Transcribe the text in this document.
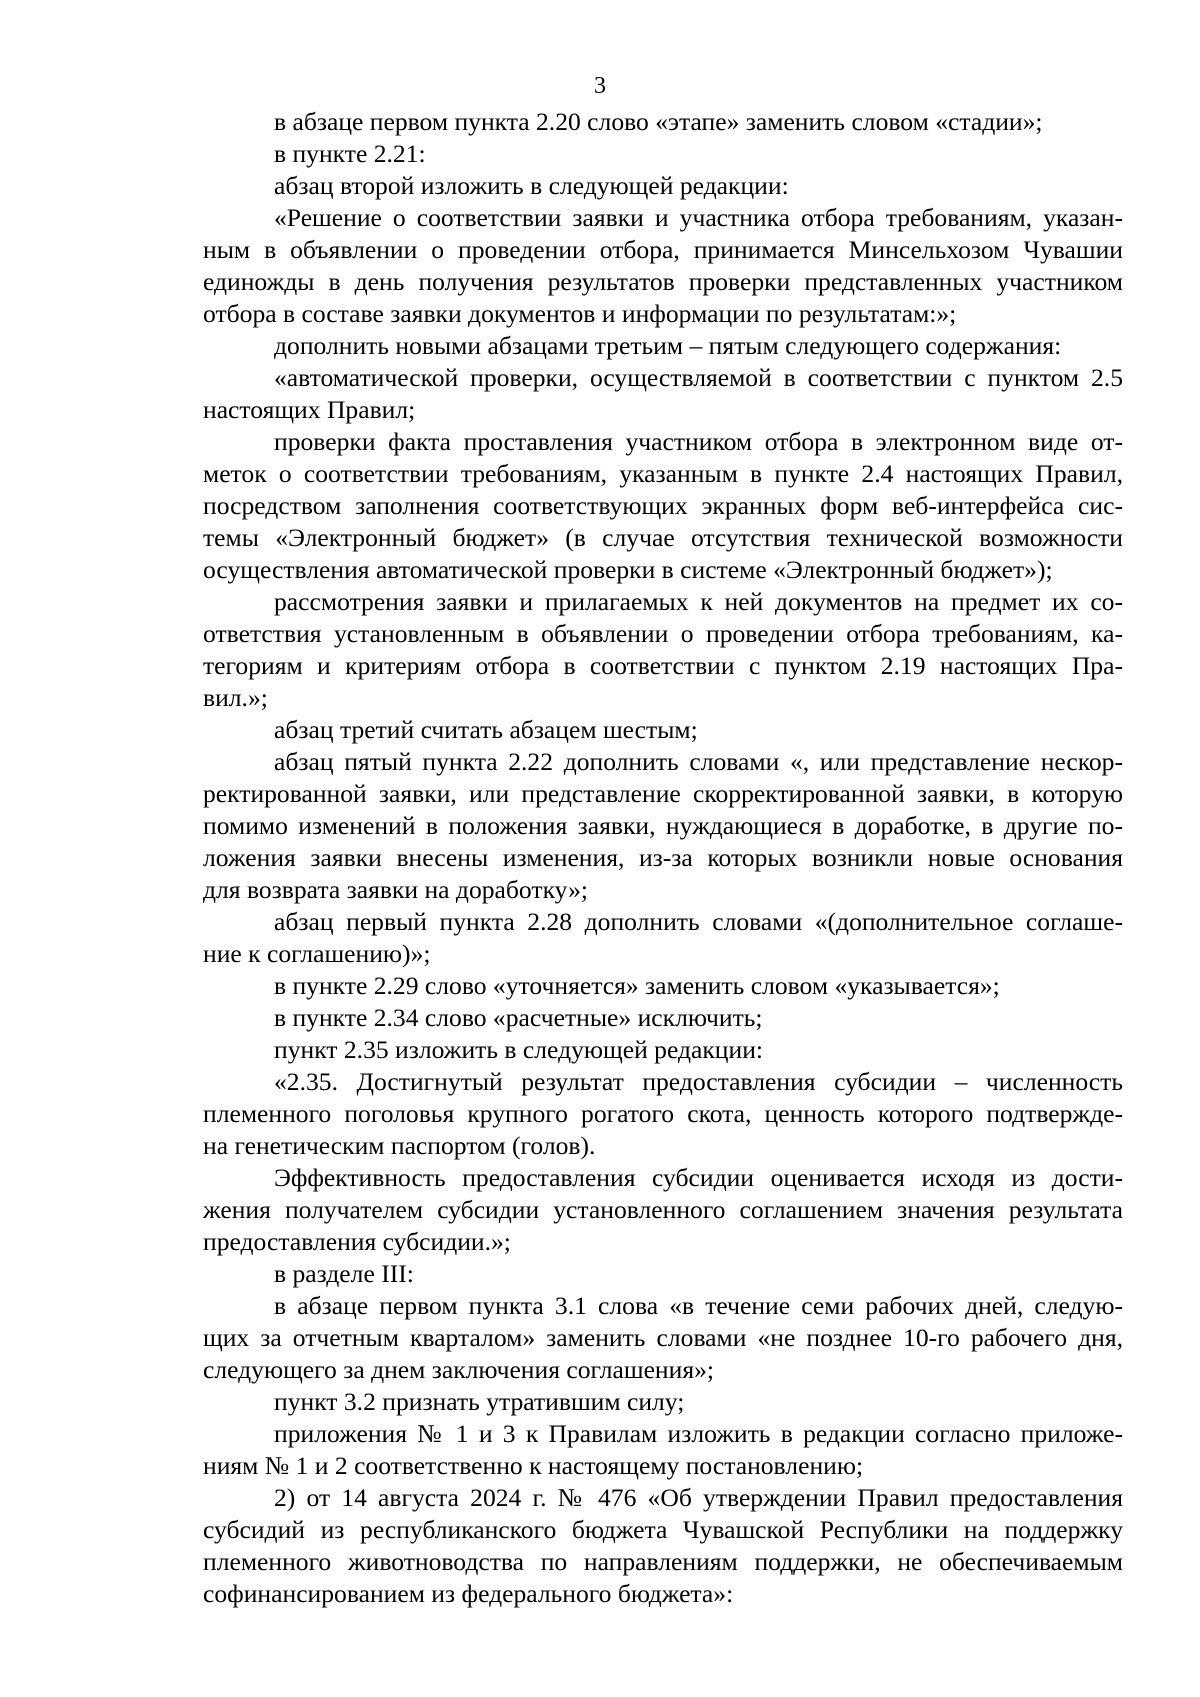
3
в абзаце первом пункта 2.20 слово «этапе» заменить словом «стадии»;
в пункте 2.21:
абзац второй изложить в следующей редакции:
«Решение о соответствии заявки и участника отбора требованиям, указан-
ным в объявлении о проведении отбора, принимается Минсельхозом Чувашии
единожды в день получения результатов проверки представленных участником
отбора в составе заявки документов и информации по результатам:»;
дополнить новыми абзацами третьим – пятым следующего содержания:
«автоматической проверки, осуществляемой в соответствии с пунктом 2.5
настоящих Правил;
проверки факта проставления участником отбора в электронном виде от-
меток о соответствии требованиям, указанным в пункте 2.4 настоящих Правил,
посредством заполнения соответствующих экранных форм веб-интерфейса сис-
темы «Электронный бюджет» (в случае отсутствия технической возможности
осуществления автоматической проверки в системе «Электронный бюджет»);
рассмотрения заявки и прилагаемых к ней документов на предмет их со-
ответствия установленным в объявлении о проведении отбора требованиям, ка-
тегориям и критериям отбора в соответствии с пунктом 2.19 настоящих Пра-
вил.»;
абзац третий считать абзацем шестым;
абзац пятый пункта 2.22 дополнить словами «, или представление нескор-
ректированной заявки, или представление скорректированной заявки, в которую
помимо изменений в положения заявки, нуждающиеся в доработке, в другие по-
ложения заявки внесены изменения, из-за которых возникли новые основания
для возврата заявки на доработку»;
абзац первый пункта 2.28 дополнить словами «(дополнительное соглаше-
ние к соглашению)»;
в пункте 2.29 слово «уточняется» заменить словом «указывается»;
в пункте 2.34 слово «расчетные» исключить;
пункт 2.35 изложить в следующей редакции:
«2.35. Достигнутый результат предоставления субсидии – численность
племенного поголовья крупного рогатого скота, ценность которого подтвержде-
на генетическим паспортом (голов).
Эффективность предоставления субсидии оценивается исходя из дости-
жения получателем субсидии установленного соглашением значения результата
предоставления субсидии.»;
в разделе III:
в абзаце первом пункта 3.1 слова «в течение семи рабочих дней, следую-
щих за отчетным кварталом» заменить словами «не позднее 10-го рабочего дня,
следующего за днем заключения соглашения»;
пункт 3.2 признать утратившим силу;
приложения № 1 и 3 к Правилам изложить в редакции согласно приложе-
ниям № 1 и 2 соответственно к настоящему постановлению;
2) от 14 августа 2024 г. № 476 «Об утверждении Правил предоставления
субсидий из республиканского бюджета Чувашской Республики на поддержку
племенного животноводства по направлениям поддержки, не обеспечиваемым
софинансированием из федерального бюджета»:
